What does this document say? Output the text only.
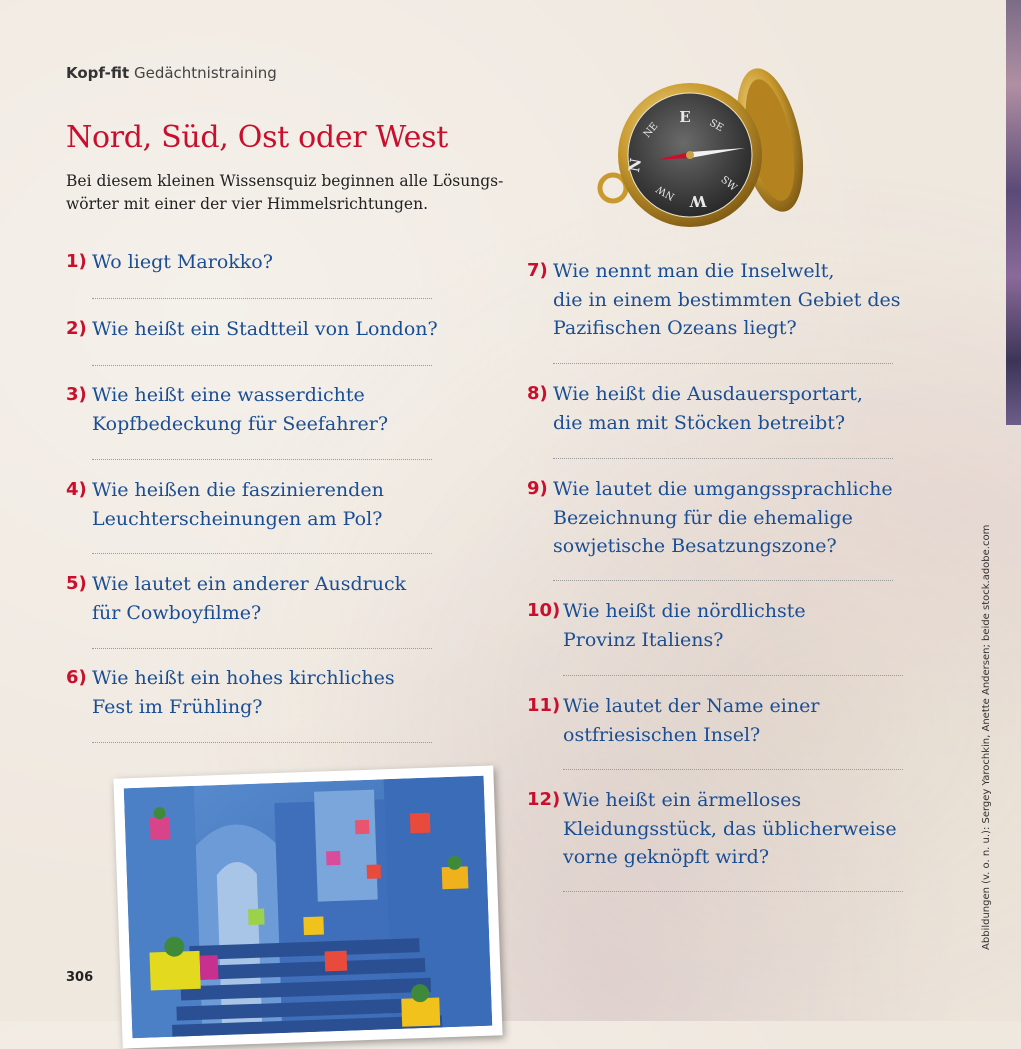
Kopf-fit Gedächtnistraining
Nord, Süd, Ost oder West

Bei diesem kleinen Wissensquiz beginnen alle Lösungs-
wörter mit einer der vier Himmelsrichtungen.

E SE
NE
N
SW
W
NW
1) Wo liegt Marokko?
2) Wie heißt ein Stadtteil von London?
3) Wie heißt eine wasserdichte
Kopfbedeckung für Seefahrer?
4) Wie heißen die faszinierenden
Leuchterscheinungen am Pol?
5) Wie lautet ein anderer Ausdruck
für Cowboyfilme?
6) Wie heißt ein hohes kirchliches
Fest im Frühling?
7) Wie nennt man die Inselwelt,
die in einem bestimmten Gebiet des
Pazifischen Ozeans liegt?
8) Wie heißt die Ausdauersportart,
die man mit Stöcken betreibt?
9) Wie lautet die umgangssprachliche
Bezeichnung für die ehemalige
sowjetische Besatzungszone?
10) Wie heißt die nördlichste
Provinz Italiens?
11) Wie lautet der Name einer
ostfriesischen Insel?
12) Wie heißt ein ärmelloses
Kleidungsstück, das üblicherweise
vorne geknöpft wird?
306
Abbildungen (v. o. n. u.): Sergey Yarochkin, Anette Andersen; beide stock.adobe.com
